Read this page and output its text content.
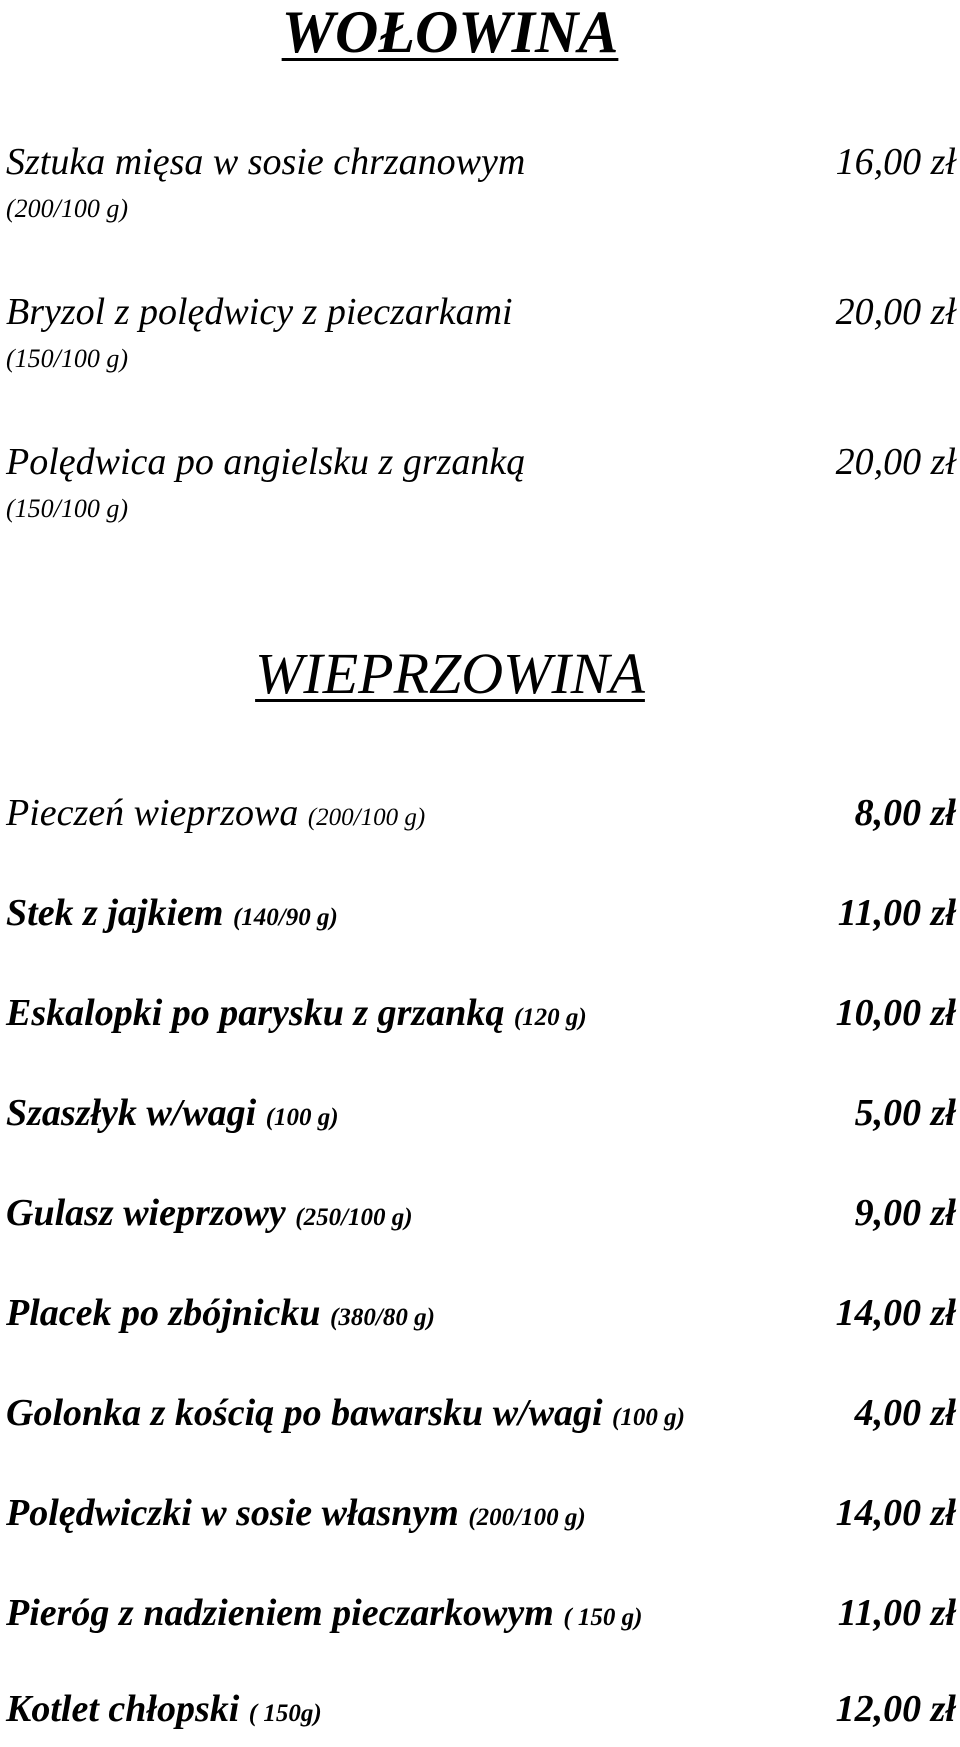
WOŁOWINA
Sztuka mięsa w sosie chrzanowym
(200/100 g)
16,00 zł
Bryzol z polędwicy z pieczarkami
(150/100 g)
20,00 zł
Polędwica po angielsku z grzanką
(150/100 g)
20,00 zł
WIEPRZOWINA
Pieczeń wieprzowa (200/100 g)	8,00 zł
Stek z jajkiem (140/90 g)	11,00 zł
Eskalopki po parysku z grzanką (120 g)	10,00 zł
Szaszłyk w/wagi (100 g)	5,00 zł
Gulasz wieprzowy (250/100 g)	9,00 zł
Placek po zbójnicku (380/80 g)	14,00 zł
Golonka z kością po bawarsku w/wagi (100 g)	4,00 zł
Polędwiczki w sosie własnym (200/100 g)	14,00 zł
Pieróg z nadzieniem pieczarkowym ( 150 g)	11,00 zł
Kotlet chłopski ( 150g)	12,00 zł
